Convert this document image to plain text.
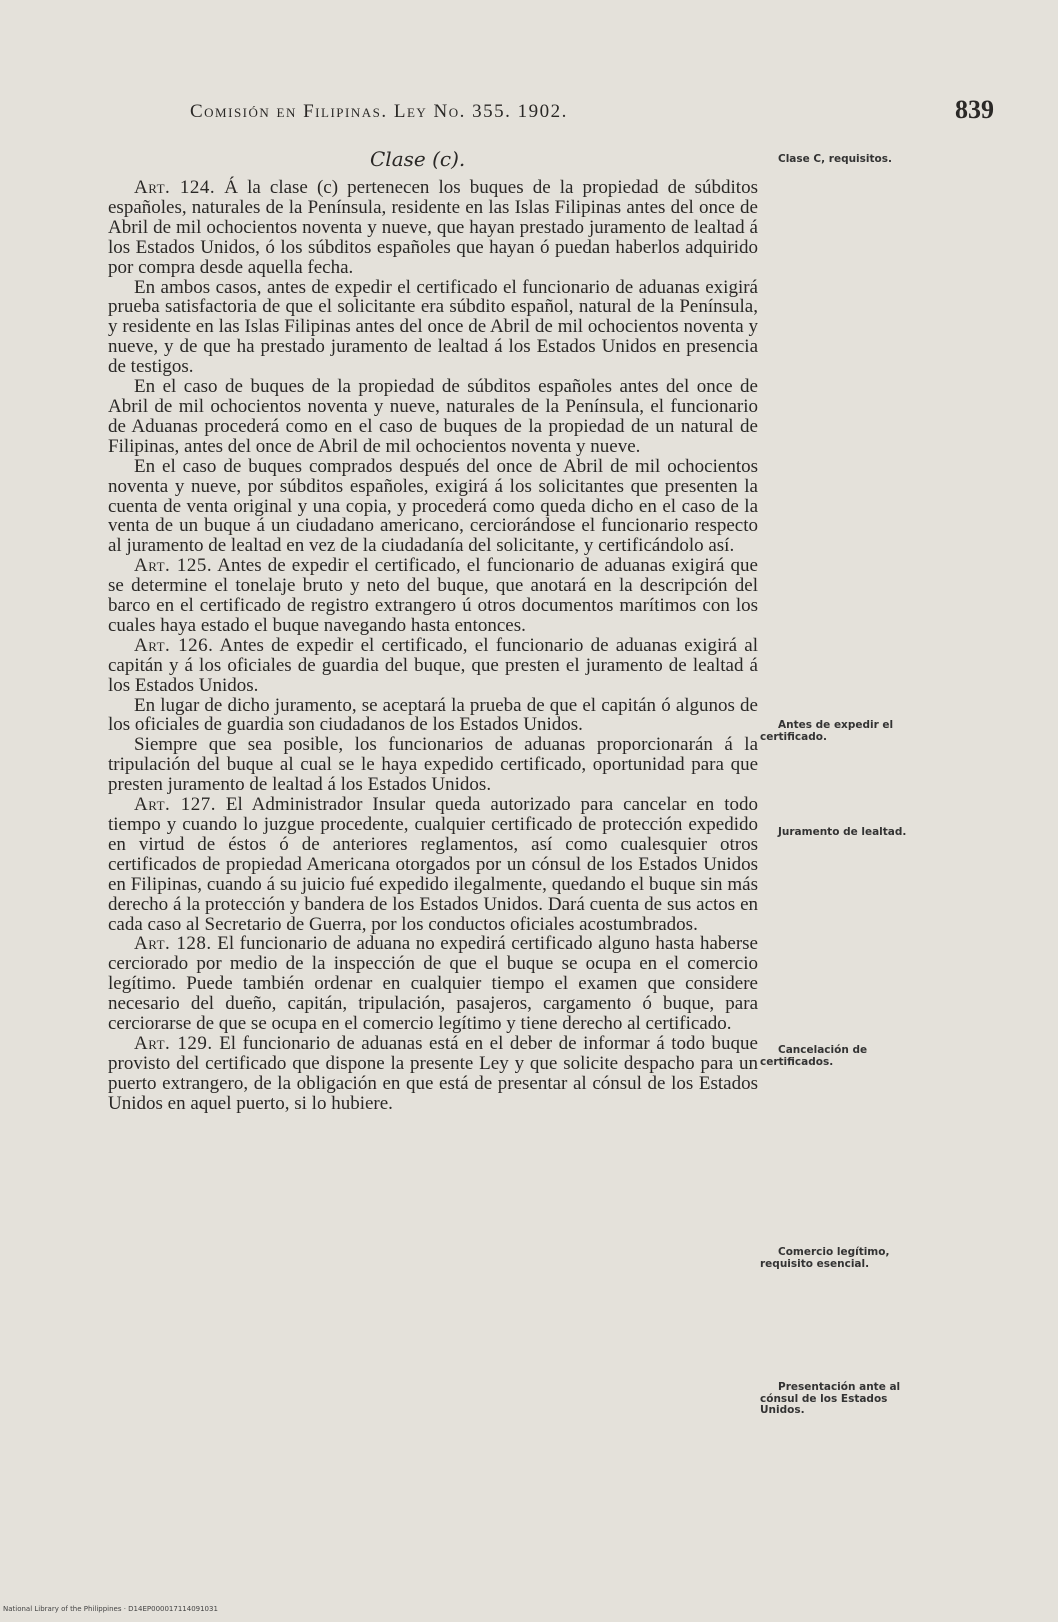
Comisión en Filipinas. Ley No. 355. 1902.	839
Clase (c).

Art. 124. Á la clase (c) pertenecen los buques de la propiedad de súbditos españoles, naturales de la Península, residente en las Islas Filipinas antes del once de Abril de mil ochocientos noventa y nueve, que hayan prestado juramento de lealtad á los Estados Unidos, ó los súbditos españoles que hayan ó puedan haberlos adquirido por compra desde aquella fecha.

En ambos casos, antes de expedir el certificado el funcionario de aduanas exigirá prueba satisfactoria de que el solicitante era súbdito español, natural de la Península, y residente en las Islas Filipinas antes del once de Abril de mil ochocientos noventa y nueve, y de que ha prestado juramento de lealtad á los Estados Unidos en presencia de testigos.

En el caso de buques de la propiedad de súbditos españoles antes del once de Abril de mil ochocientos noventa y nueve, naturales de la Península, el funcionario de Aduanas procederá como en el caso de buques de la propiedad de un natural de Filipinas, antes del once de Abril de mil ochocientos noventa y nueve.

En el caso de buques comprados después del once de Abril de mil ochocientos noventa y nueve, por súbditos españoles, exigirá á los solicitantes que presenten la cuenta de venta original y una copia, y procederá como queda dicho en el caso de la venta de un buque á un ciudadano americano, cerciorándose el funcionario respecto al juramento de lealtad en vez de la ciudadanía del solicitante, y certificándolo así.

Art. 125. Antes de expedir el certificado, el funcionario de aduanas exigirá que se determine el tonelaje bruto y neto del buque, que anotará en la descripción del barco en el certificado de registro extrangero ú otros documentos marítimos con los cuales haya estado el buque navegando hasta entonces.

Art. 126. Antes de expedir el certificado, el funcionario de aduanas exigirá al capitán y á los oficiales de guardia del buque, que presten el juramento de lealtad á los Estados Unidos.

En lugar de dicho juramento, se aceptará la prueba de que el capitán ó algunos de los oficiales de guardia son ciudadanos de los Estados Unidos.

Siempre que sea posible, los funcionarios de aduanas proporcionarán á la tripulación del buque al cual se le haya expedido certificado, oportunidad para que presten juramento de lealtad á los Estados Unidos.

Art. 127. El Administrador Insular queda autorizado para cancelar en todo tiempo y cuando lo juzgue procedente, cualquier certificado de protección expedido en virtud de éstos ó de anteriores reglamentos, así como cualesquier otros certificados de propiedad Americana otorgados por un cónsul de los Estados Unidos en Filipinas, cuando á su juicio fué expedido ilegalmente, quedando el buque sin más derecho á la protección y bandera de los Estados Unidos. Dará cuenta de sus actos en cada caso al Secretario de Guerra, por los conductos oficiales acostumbrados.

Art. 128. El funcionario de aduana no expedirá certificado alguno hasta haberse cerciorado por medio de la inspección de que el buque se ocupa en el comercio legítimo. Puede también ordenar en cualquier tiempo el examen que considere necesario del dueño, capitán, tripulación, pasajeros, cargamento ó buque, para cerciorarse de que se ocupa en el comercio legítimo y tiene derecho al certificado.

Art. 129. El funcionario de aduanas está en el deber de informar á todo buque provisto del certificado que dispone la presente Ley y que solicite despacho para un puerto extrangero, de la obligación en que está de presentar al cónsul de los Estados Unidos en aquel puerto, si lo hubiere.

Clase C, requisitos.
Antes de expedir el certificado.
Juramento de lealtad.
Cancelación de certificados.
Comercio legítimo, requisito esencial.
Presentación ante al cónsul de los Estados Unidos.
National Library of the Philippines · D14EP000017114091031
